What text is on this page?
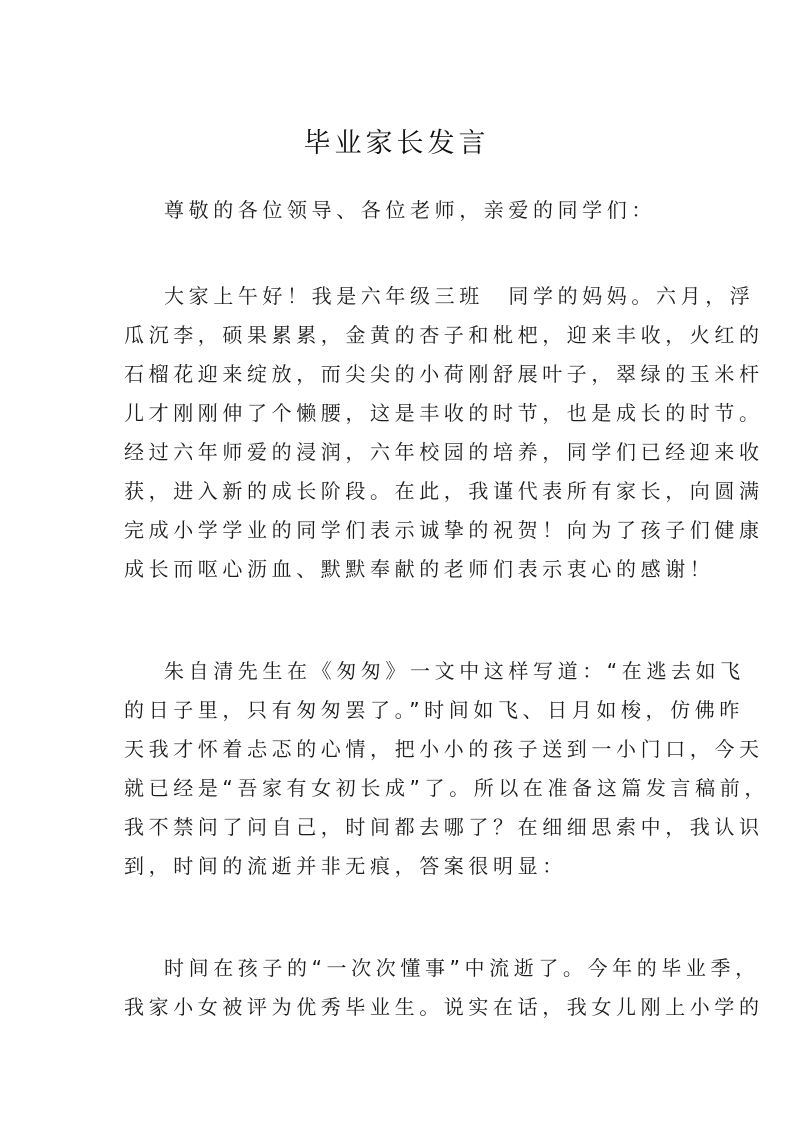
毕业家长发言
尊敬的各位领导、各位老师，亲爱的同学们：
大家上午好！我是六年级三班　同学的妈妈。六月，浮
瓜沉李，硕果累累，金黄的杏子和枇杷，迎来丰收，火红的
石榴花迎来绽放，而尖尖的小荷刚舒展叶子，翠绿的玉米杆
儿才刚刚伸了个懒腰，这是丰收的时节，也是成长的时节。
经过六年师爱的浸润，六年校园的培养，同学们已经迎来收
获，进入新的成长阶段。在此，我谨代表所有家长，向圆满
完成小学学业的同学们表示诚挚的祝贺！向为了孩子们健康
成长而呕心沥血、默默奉献的老师们表示衷心的感谢！
朱自清先生在《匆匆》一文中这样写道：“在逃去如飞
的日子里，只有匆匆罢了。”时间如飞、日月如梭，仿佛昨
天我才怀着忐忑的心情，把小小的孩子送到一小门口，今天
就已经是“吾家有女初长成”了。所以在准备这篇发言稿前，
我不禁问了问自己，时间都去哪了？在细细思索中，我认识
到，时间的流逝并非无痕，答案很明显：
时间在孩子的“一次次懂事”中流逝了。今年的毕业季，
我家小女被评为优秀毕业生。说实在话，我女儿刚上小学的
